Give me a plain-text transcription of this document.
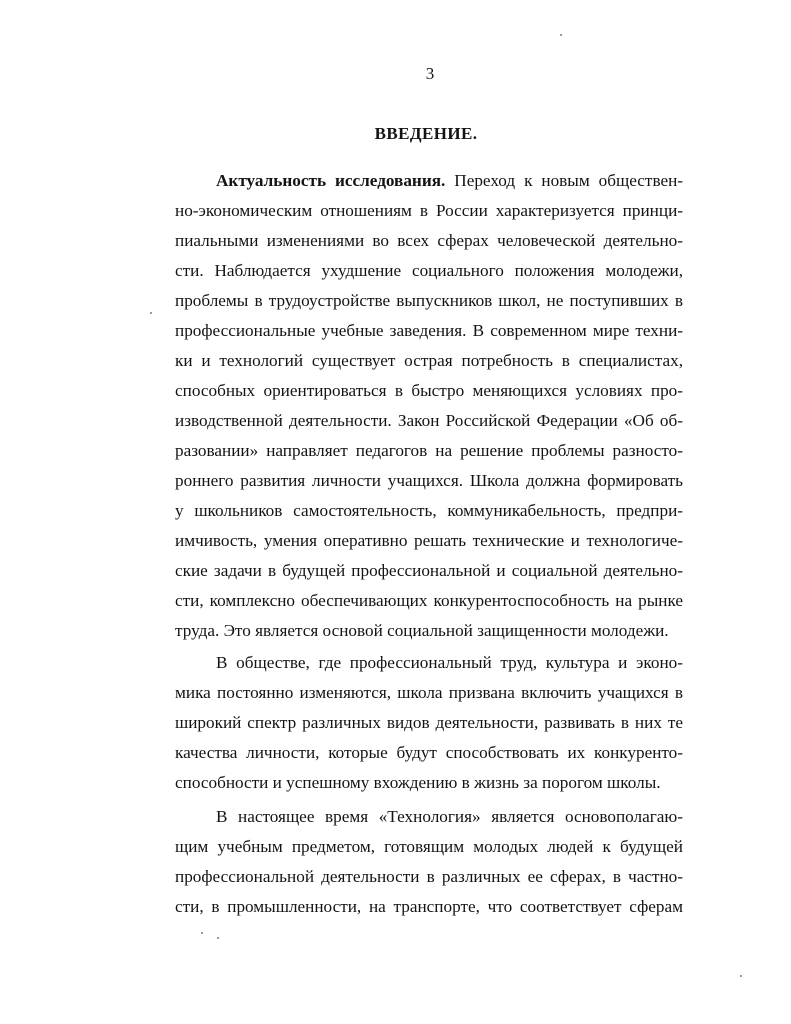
3
ВВЕДЕНИЕ.
Актуальность исследования. Переход к новым обществен-
но-экономическим отношениям в России характеризуется принци-
пиальными изменениями во всех сферах человеческой деятельно-
сти. Наблюдается ухудшение социального положения молодежи,
проблемы в трудоустройстве выпускников школ, не поступивших в
профессиональные учебные заведения. В современном мире техни-
ки и технологий существует острая потребность в специалистах,
способных ориентироваться в быстро меняющихся условиях про-
изводственной деятельности. Закон Российской Федерации «Об об-
разовании» направляет педагогов на решение проблемы разносто-
роннего развития личности учащихся. Школа должна формировать
у школьников самостоятельность, коммуникабельность, предпри-
имчивость, умения оперативно решать технические и технологиче-
ские задачи в будущей профессиональной и социальной деятельно-
сти, комплексно обеспечивающих конкурентоспособность на рынке
труда. Это является основой социальной защищенности молодежи.
В обществе, где профессиональный труд, культура и эконо-
мика постоянно изменяются, школа призвана включить учащихся в
широкий спектр различных видов деятельности, развивать в них те
качества личности, которые будут способствовать их конкуренто-
способности и успешному вхождению в жизнь за порогом школы.
В настоящее время «Технология» является основополагаю-
щим учебным предметом, готовящим молодых людей к будущей
профессиональной деятельности в различных ее сферах, в частно-
сти, в промышленности, на транспорте, что соответствует сферам
